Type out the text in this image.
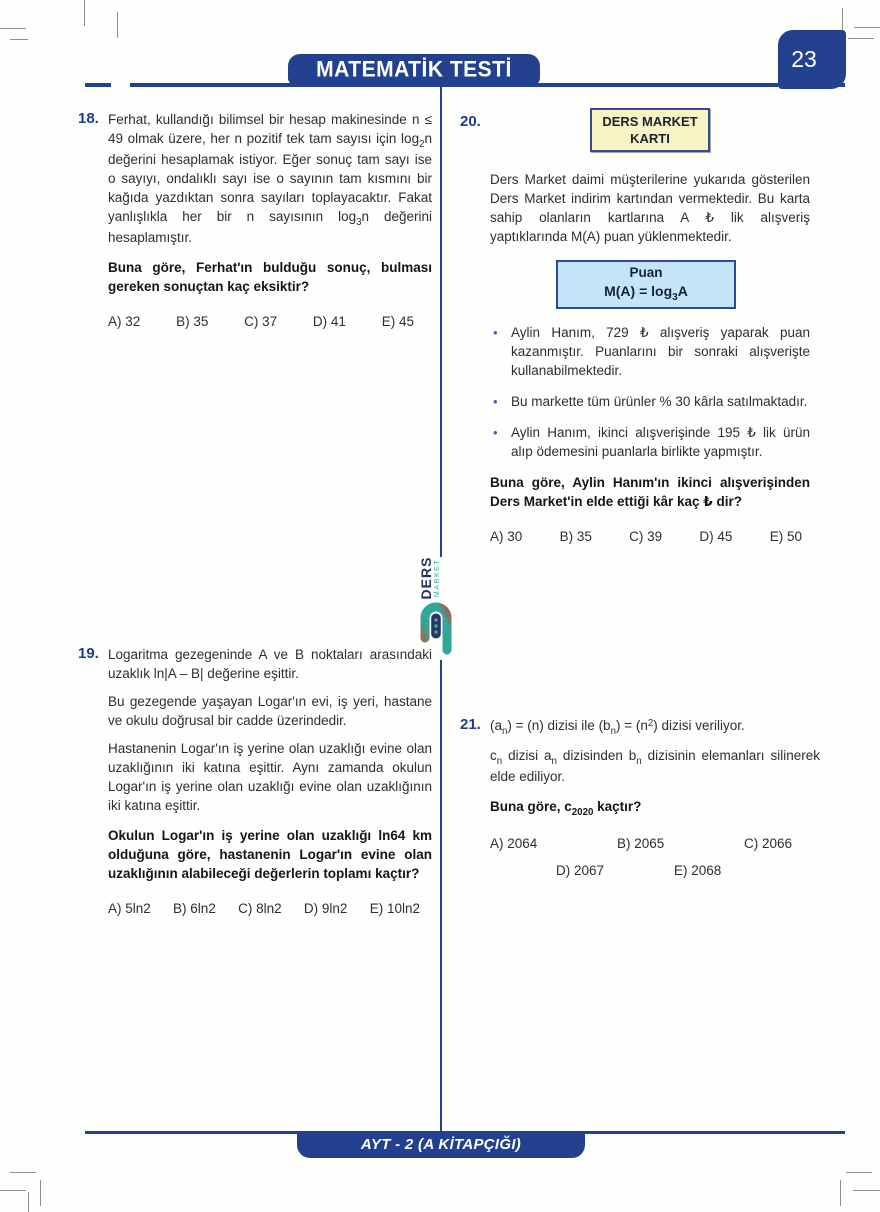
MATEMATİK TESTİ	23
DERS MARKET
18. Ferhat, kullandığı bilimsel bir hesap makinesinde n ≤ 49 olmak üzere, her n pozitif tek tam sayısı için $\log_2n$ değerini hesaplamak istiyor. Eğer sonuç tam sayı ise o sayıyı, ondalıklı sayı ise o sayının tam kısmını bir kağıda yazdıktan sonra sayıları toplayacaktır. Fakat yanlışlıkla her bir n sayısının $\log_3n$ değerini hesaplamıştır.

Buna göre, Ferhat'ın bulduğu sonuç, bulması gereken sonuçtan kaç eksiktir?

A) 32	B) 35	C) 37	D) 41	E) 45
19. Logaritma gezegeninde A ve B noktaları arasındaki uzaklık ln|A – B| değerine eşittir.

Bu gezegende yaşayan Logar'ın evi, iş yeri, hastane ve okulu doğrusal bir cadde üzerindedir.

Hastanenin Logar'ın iş yerine olan uzaklığı evine olan uzaklığının iki katına eşittir. Aynı zamanda okulun Logar'ın iş yerine olan uzaklığı evine olan uzaklığının iki katına eşittir.

Okulun Logar'ın iş yerine olan uzaklığı ln64 km olduğuna göre, hastanenin Logar'ın evine olan uzaklığının alabileceği değerlerin toplamı kaçtır?

A) 5ln2 B) 6ln2 C) 8ln2 D) 9ln2 E) 10ln2
20.	DERS MARKET
KARTI

Ders Market daimi müşterilerine yukarıda gösterilen Ders Market indirim kartından vermektedir. Bu karta sahip olanların kartlarına A ₺ lik alışveriş yaptıklarında M(A) puan yüklenmektedir.

Puan
$M(A) = \log_3A$
• Aylin Hanım, 729 ₺ alışveriş yaparak puan kazanmıştır. Puanlarını bir sonraki alışverişte kullanabilmektedir.
• Bu markette tüm ürünler % 30 kârla satılmaktadır.
• Aylin Hanım, ikinci alışverişinde 195 ₺ lik ürün alıp ödemesini puanlarla birlikte yapmıştır.

Buna göre, Aylin Hanım'ın ikinci alışverişinden Ders Market'in elde ettiği kâr kaç ₺ dir?

A) 30	B) 35	C) 39	D) 45	E) 50
21. $(a_n) = (n)$ dizisi ile $(b_n) = (n^2)$ dizisi veriliyor.

$c_n$ dizisi $a_n$ dizisinden $b_n$ dizisinin elemanları silinerek elde ediliyor.

Buna göre, $c_{2020}$ kaçtır?

A) 2064	B) 2065	C) 2066
D) 2067	E) 2068
AYT - 2 (A KİTAPÇIĞI)
